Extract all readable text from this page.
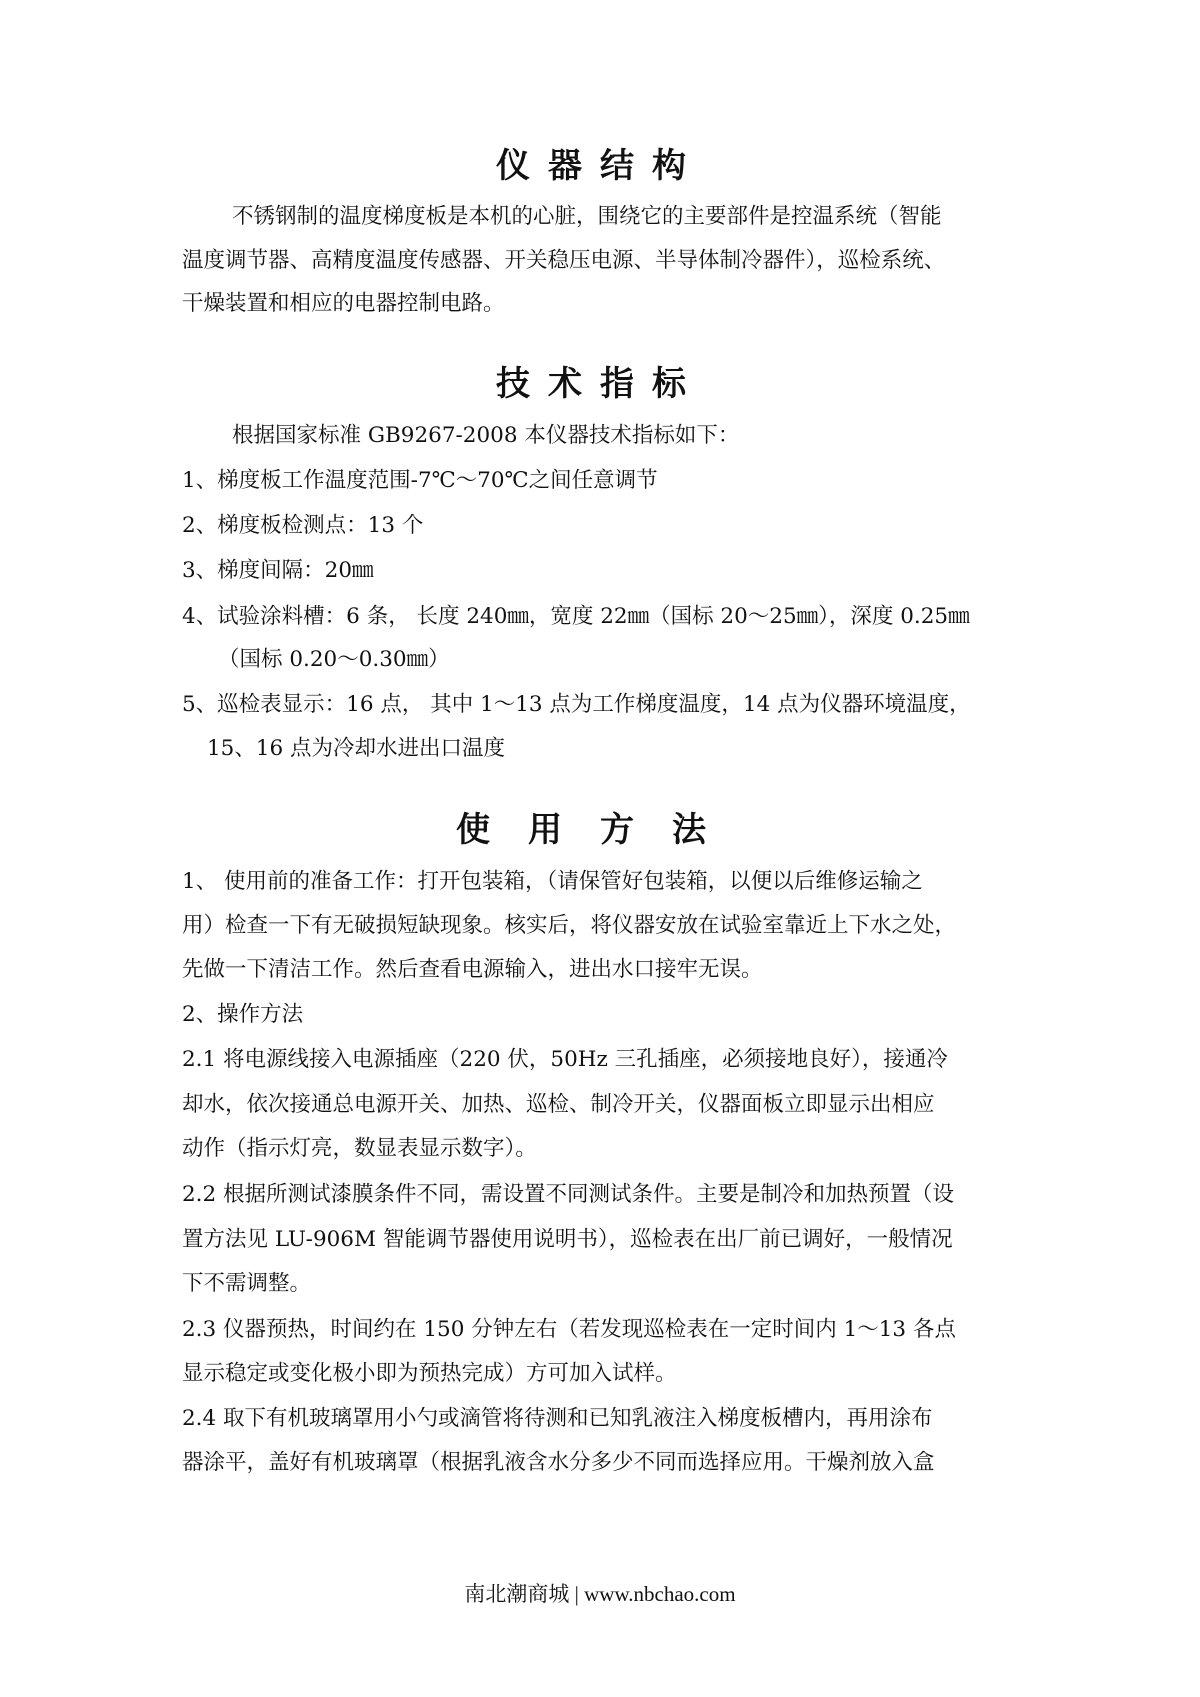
仪器结构
不锈钢制的温度梯度板是本机的心脏，围绕它的主要部件是控温系统（智能
温度调节器、高精度温度传感器、开关稳压电源、半导体制冷器件），巡检系统、
干燥装置和相应的电器控制电路。
技术指标
根据国家标准 GB9267-2008 本仪器技术指标如下：
1、梯度板工作温度范围-7℃～70℃之间任意调节
2、梯度板检测点：13 个
3、梯度间隔：20㎜
4、试验涂料槽：6 条， 长度 240㎜，宽度 22㎜（国标 20～25㎜），深度 0.25㎜
（国标 0.20～0.30㎜）
5、巡检表显示：16 点， 其中 1～13 点为工作梯度温度，14 点为仪器环境温度，
15、16 点为冷却水进出口温度
使用方法
1、 使用前的准备工作：打开包装箱，（请保管好包装箱，以便以后维修运输之
用）检查一下有无破损短缺现象。核实后，将仪器安放在试验室靠近上下水之处，
先做一下清洁工作。然后查看电源输入，进出水口接牢无误。
2、操作方法
2.1 将电源线接入电源插座（220 伏，50Hz 三孔插座，必须接地良好），接通冷
却水，依次接通总电源开关、加热、巡检、制冷开关，仪器面板立即显示出相应
动作（指示灯亮，数显表显示数字）。
2.2 根据所测试漆膜条件不同，需设置不同测试条件。主要是制冷和加热预置（设
置方法见 LU-906M 智能调节器使用说明书），巡检表在出厂前已调好，一般情况
下不需调整。
2.3 仪器预热，时间约在 150 分钟左右（若发现巡检表在一定时间内 1～13 各点
显示稳定或变化极小即为预热完成）方可加入试样。
2.4 取下有机玻璃罩用小勺或滴管将待测和已知乳液注入梯度板槽内，再用涂布
器涂平，盖好有机玻璃罩（根据乳液含水分多少不同而选择应用。干燥剂放入盒
南北潮商城 | www.nbchao.com
